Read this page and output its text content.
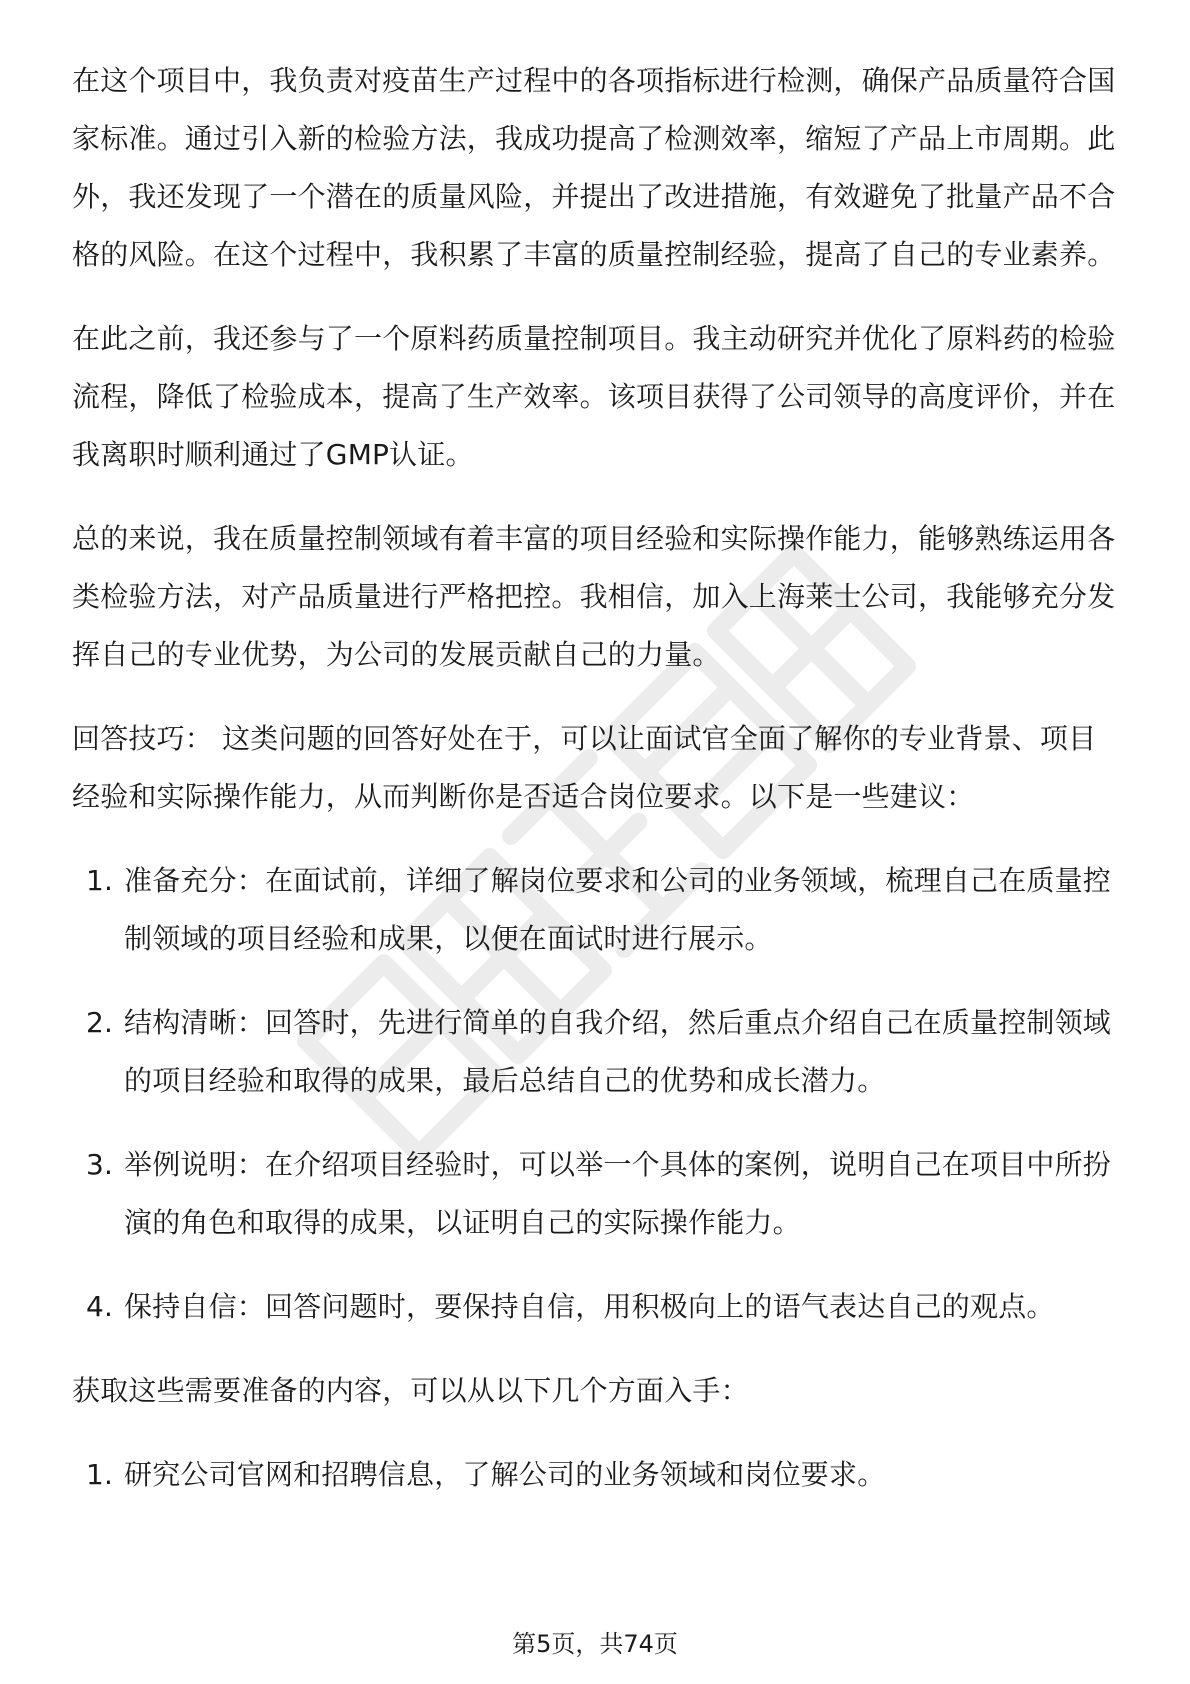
在这个项目中，我负责对疫苗生产过程中的各项指标进行检测，确保产品质量符合国家标准。通过引入新的检验方法，我成功提高了检测效率，缩短了产品上市周期。此外，我还发现了一个潜在的质量风险，并提出了改进措施，有效避免了批量产品不合格的风险。在这个过程中，我积累了丰富的质量控制经验，提高了自己的专业素养。

在此之前，我还参与了一个原料药质量控制项目。我主动研究并优化了原料药的检验流程，降低了检验成本，提高了生产效率。该项目获得了公司领导的高度评价，并在我离职时顺利通过了GMP认证。

总的来说，我在质量控制领域有着丰富的项目经验和实际操作能力，能够熟练运用各类检验方法，对产品质量进行严格把控。我相信，加入上海莱士公司，我能够充分发挥自己的专业优势，为公司的发展贡献自己的力量。

回答技巧： 这类问题的回答好处在于，可以让面试官全面了解你的专业背景、项目经验和实际操作能力，从而判断你是否适合岗位要求。以下是一些建议：

1. 准备充分：在面试前，详细了解岗位要求和公司的业务领域，梳理自己在质量控制领域的项目经验和成果，以便在面试时进行展示。
2. 结构清晰：回答时，先进行简单的自我介绍，然后重点介绍自己在质量控制领域的项目经验和取得的成果，最后总结自己的优势和成长潜力。
3. 举例说明：在介绍项目经验时，可以举一个具体的案例，说明自己在项目中所扮演的角色和取得的成果，以证明自己的实际操作能力。
4. 保持自信：回答问题时，要保持自信，用积极向上的语气表达自己的观点。

获取这些需要准备的内容，可以从以下几个方面入手：

1. 研究公司官网和招聘信息，了解公司的业务领域和岗位要求。
第5页，共74页
